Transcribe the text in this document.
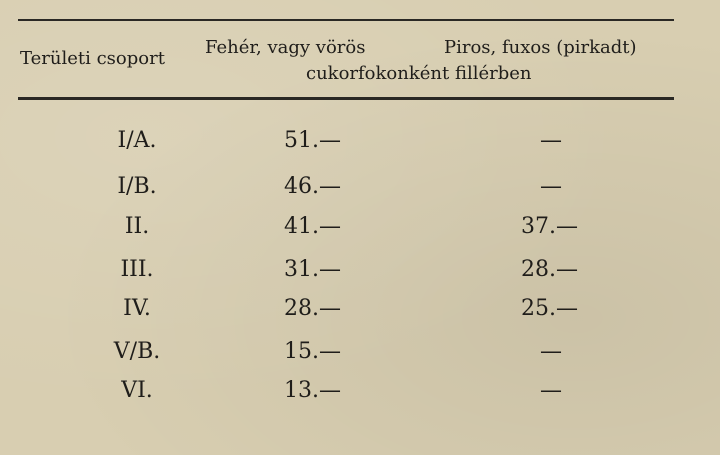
Területi csoport
Fehér, vagy vörös	Piros, fuxos (pirkadt)
cukorfokonként fillérben
I/A.	51.—	—
I/B.	46.—	—
II.	41.—	37.—
III.	31.—	28.—
IV.	28.—	25.—
V/B.	15.—	—
VI.	13.—	—
